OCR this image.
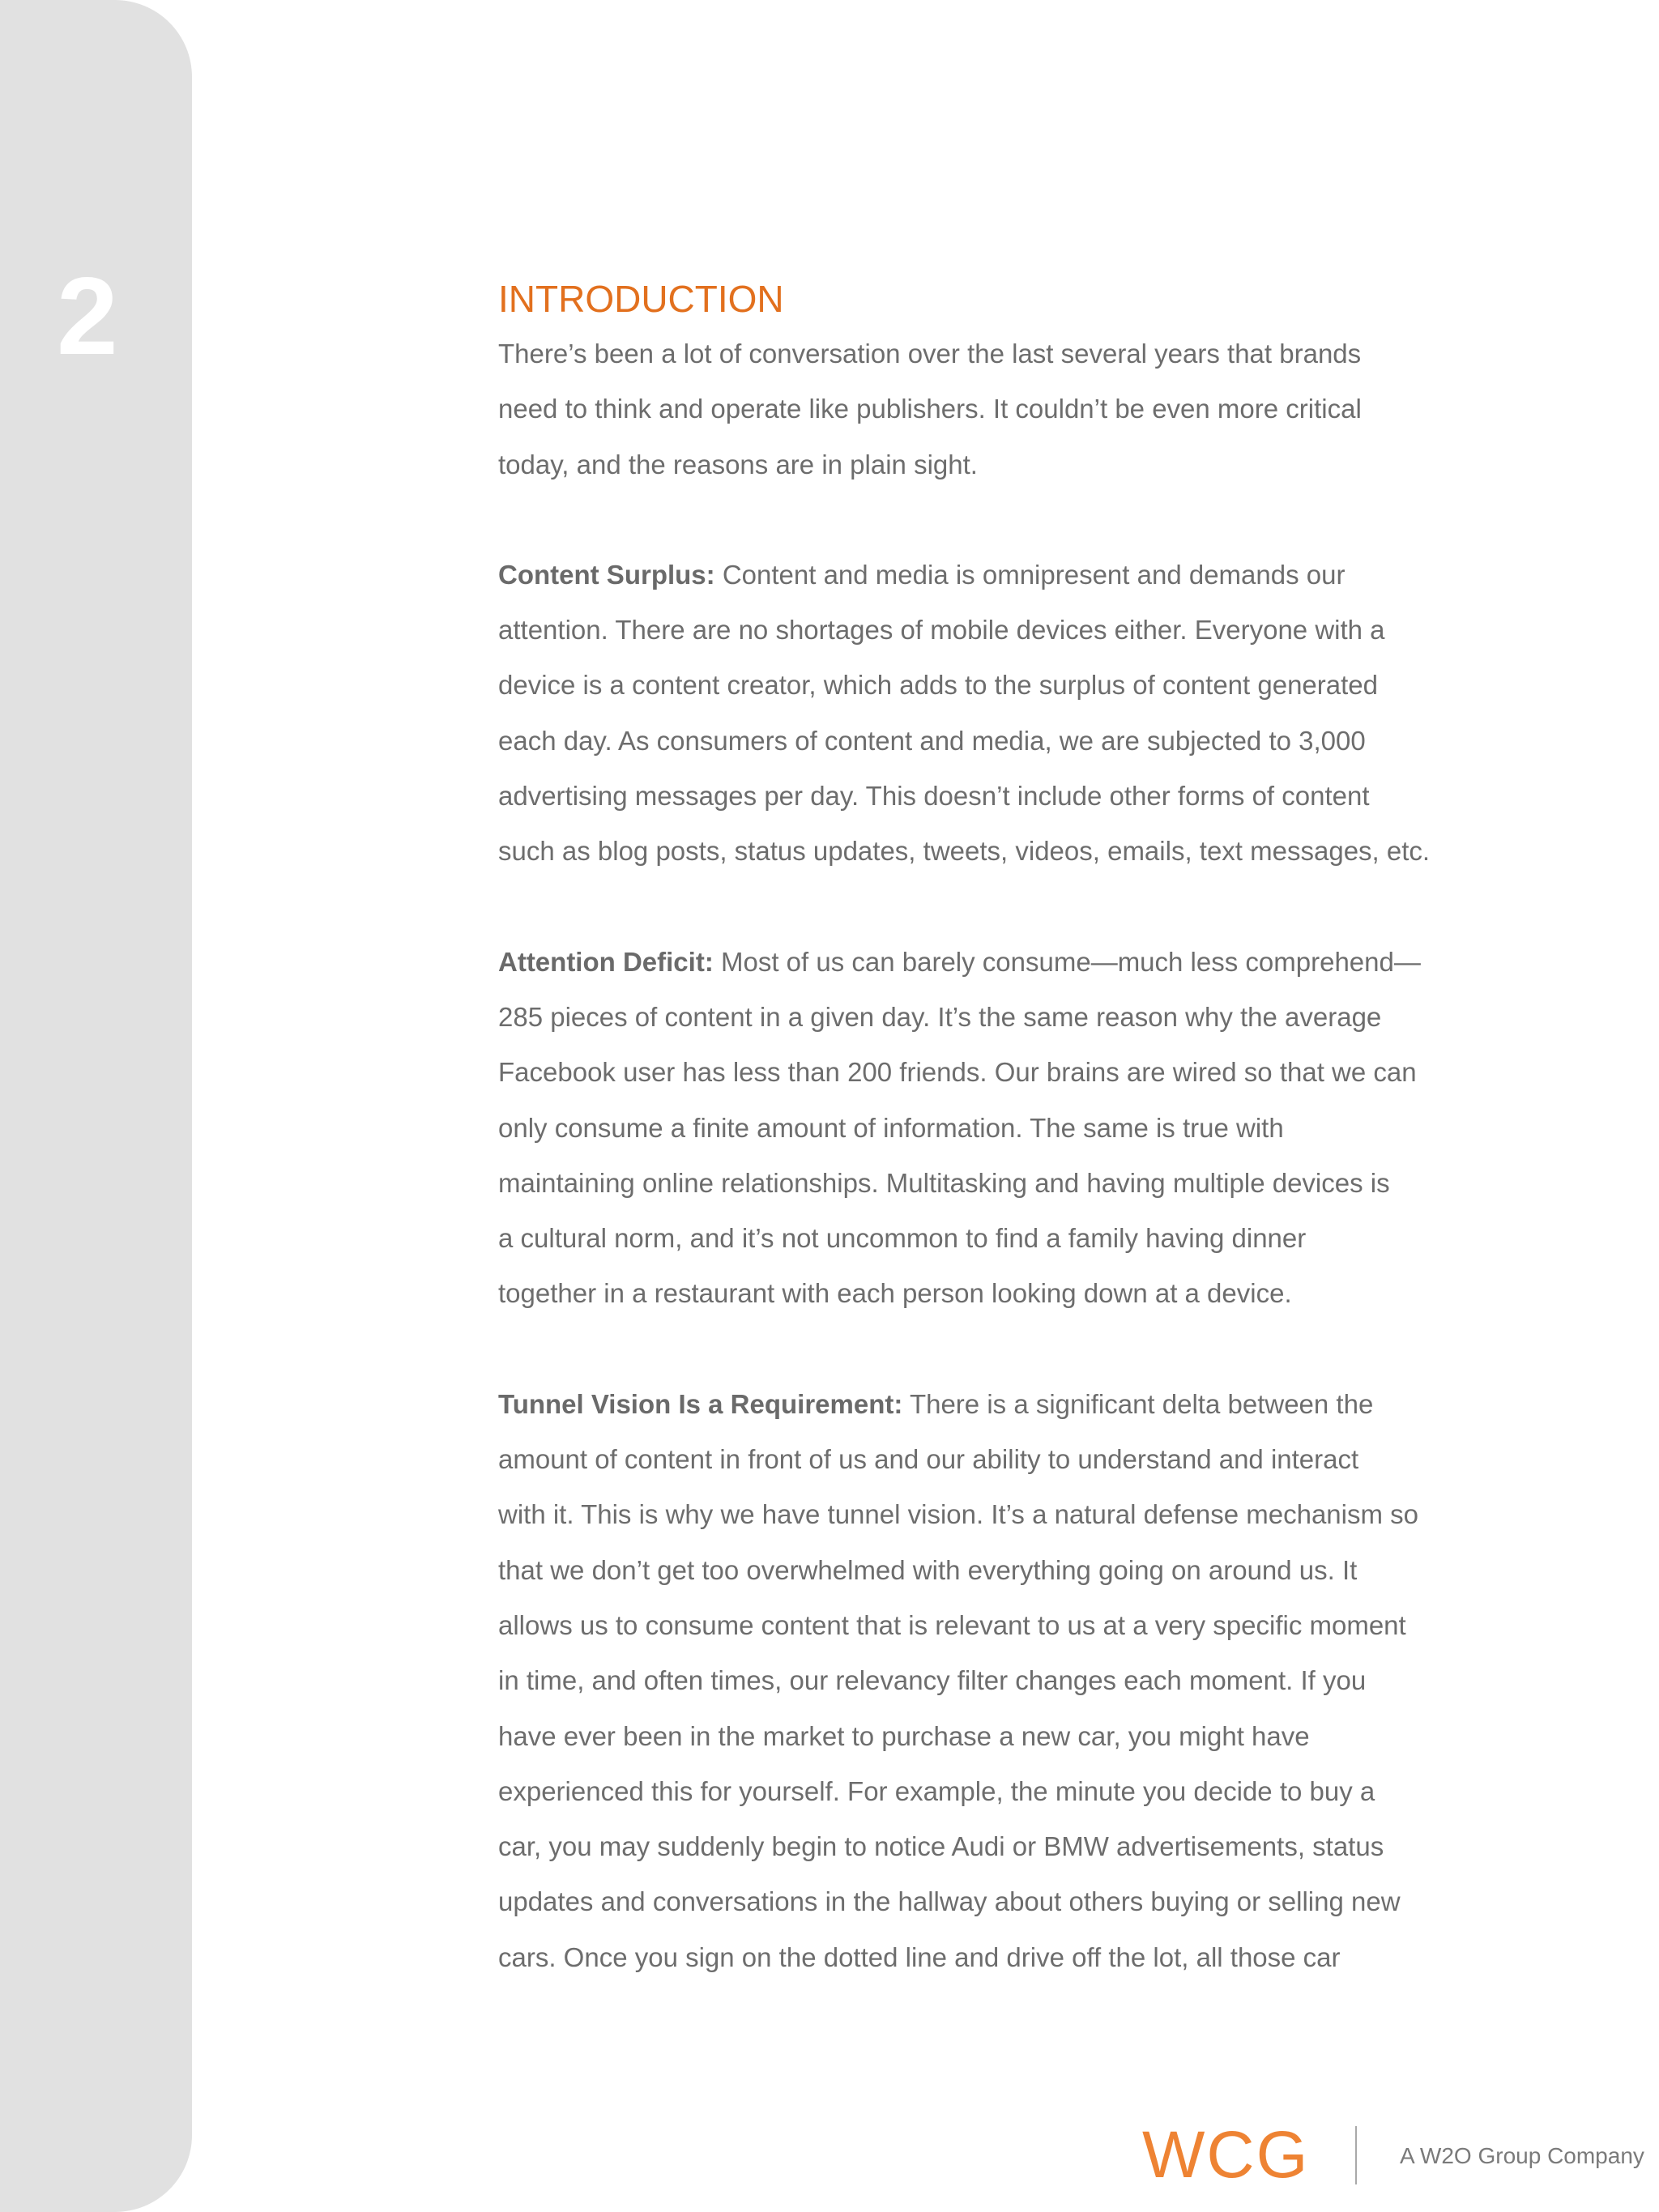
2	INTRODUCTION

There’s been a lot of conversation over the last several years that brands
need to think and operate like publishers. It couldn’t be even more critical
today, and the reasons are in plain sight.

Content Surplus: Content and media is omnipresent and demands our
attention. There are no shortages of mobile devices either. Everyone with a
device is a content creator, which adds to the surplus of content generated
each day. As consumers of content and media, we are subjected to 3,000
advertising messages per day. This doesn’t include other forms of content
such as blog posts, status updates, tweets, videos, emails, text messages, etc.

Attention Deficit: Most of us can barely consume—much less comprehend—
285 pieces of content in a given day. It’s the same reason why the average
Facebook user has less than 200 friends. Our brains are wired so that we can
only consume a finite amount of information. The same is true with
maintaining online relationships. Multitasking and having multiple devices is
a cultural norm, and it’s not uncommon to find a family having dinner
together in a restaurant with each person looking down at a device.

Tunnel Vision Is a Requirement: There is a significant delta between the
amount of content in front of us and our ability to understand and interact
with it. This is why we have tunnel vision. It’s a natural defense mechanism so
that we don’t get too overwhelmed with everything going on around us. It
allows us to consume content that is relevant to us at a very specific moment
in time, and often times, our relevancy filter changes each moment. If you
have ever been in the market to purchase a new car, you might have
experienced this for yourself. For example, the minute you decide to buy a
car, you may suddenly begin to notice Audi or BMW advertisements, status
updates and conversations in the hallway about others buying or selling new
cars. Once you sign on the dotted line and drive off the lot, all those car

WCG	A W2O Group Company
